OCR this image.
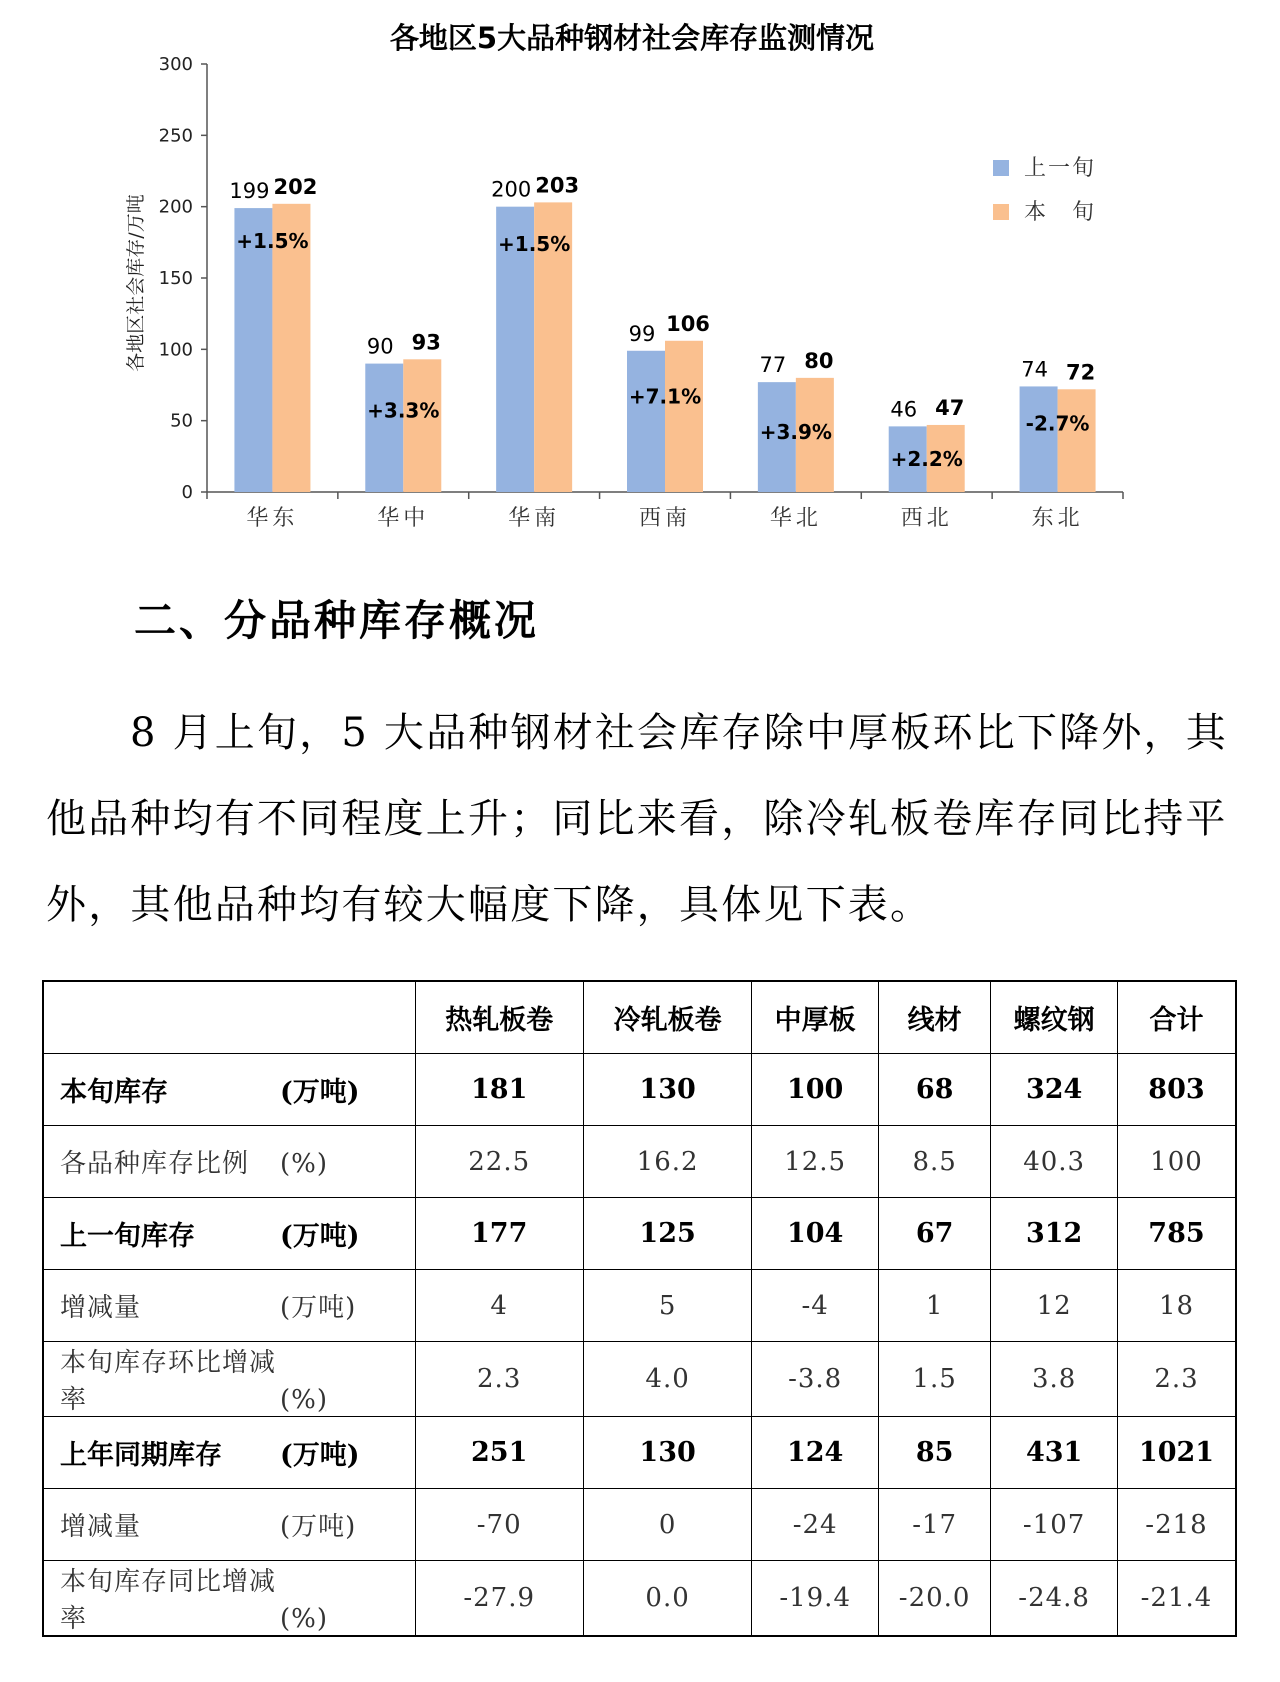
各地区5大品种钢材社会库存监测情况
各地区社会库存/万吨
0
50
100
150
200
250
300
华东	华中	华南	西南	华北	西北	东北
199 202
+1.5%
90 93
+3.3%
200 203
+1.5%
99 106
+7.1%
77 80
+3.9%
46 47
+2.2%
74 72
-2.7%
上一旬
本　旬
二、分品种库存概况

8 月上旬，5 大品种钢材社会库存除中厚板环比下降外，其他品种均有不同程度上升；同比来看，除冷轧板卷库存同比持平外，其他品种均有较大幅度下降，具体见下表。

	热轧板卷	冷轧板卷	中厚板	线材	螺纹钢	合计
本旬库存 (万吨)	181	130	100	68	324	803
各品种库存比例 (%)	22.5	16.2	12.5	8.5	40.3	100
上一旬库存 (万吨)	177	125	104	67	312	785
增减量 (万吨)	4	5	-4	1	12	18
本旬库存环比增减率 (%)	2.3	4.0	-3.8	1.5	3.8	2.3
上年同期库存 (万吨)	251	130	124	85	431	1021
增减量 (万吨)	-70	0	-24	-17	-107	-218
本旬库存同比增减率 (%)	-27.9	0.0	-19.4	-20.0	-24.8	-21.4
